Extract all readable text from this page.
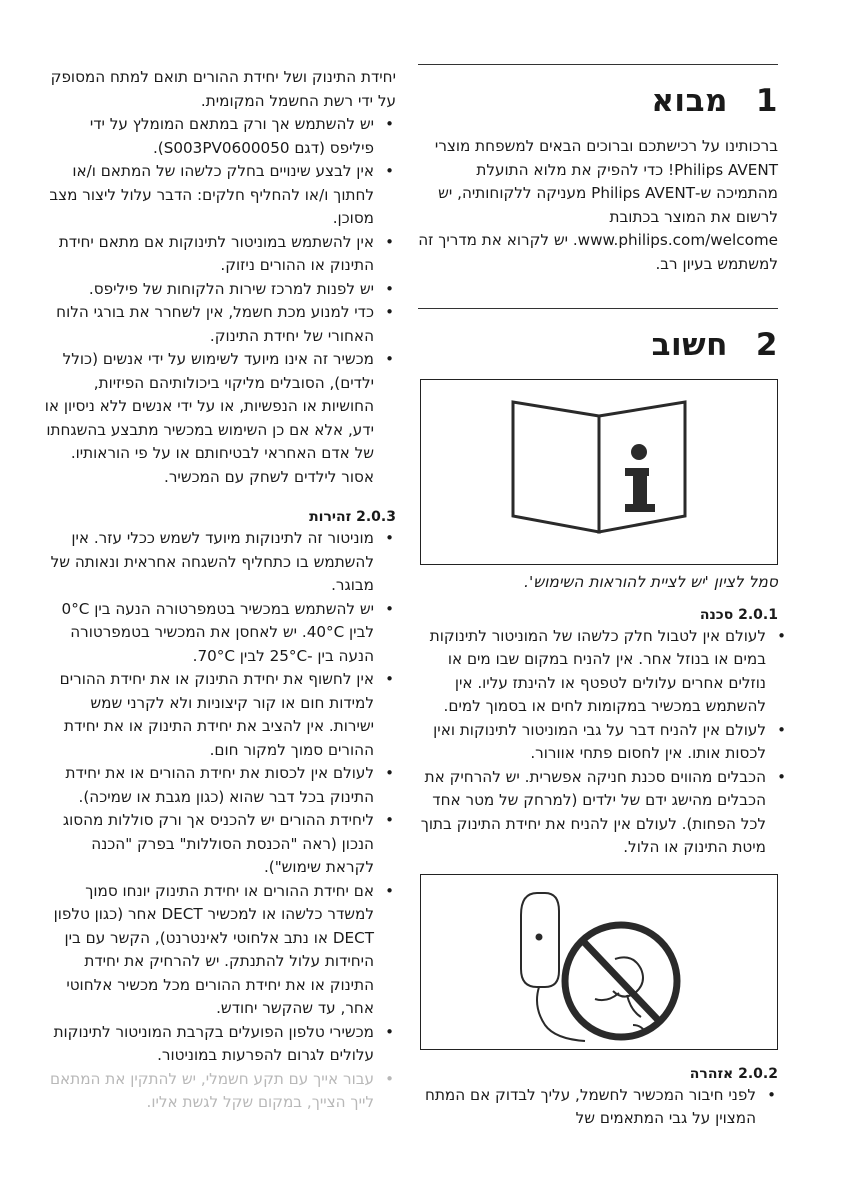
1
מבוא

ברכותינו על רכישתכם וברוכים הבאים למשפחת מוצרי Philips AVENT! כדי להפיק את מלוא התועלת מהתמיכה ש-Philips AVENT מעניקה ללקוחותיה, יש לרשום את המוצר בכתובת www.philips.com/welcome. יש לקרוא את מדריך זה למשתמש בעיון רב.

2
חשוב

סמל לציון 'יש לציית להוראות השימוש'.

2.0.1 סכנה
•
לעולם אין לטבול חלק כלשהו של המוניטור לתינוקות במים או בנוזל אחר. אין להניח במקום שבו מים או נוזלים אחרים עלולים לטפטף או להינתז עליו. אין להשתמש במכשיר במקומות לחים או בסמוך למים.
•
לעולם אין להניח דבר על גבי המוניטור לתינוקות ואין לכסות אותו. אין לחסום פתחי אוורור.
•
הכבלים מהווים סכנת חניקה אפשרית. יש להרחיק את הכבלים מהישג ידם של ילדים (למרחק של מטר אחד לכל הפחות). לעולם אין להניח את יחידת התינוק בתוך מיטת התינוק או הלול.
2.0.2 אזהרה
•
לפני חיבור המכשיר לחשמל, עליך לבדוק אם המתח המצוין על גבי המתאמים של

יחידת התינוק ושל יחידת ההורים תואם למתח המסופק על ידי רשת החשמל המקומית.

•
יש להשתמש אך ורק במתאם המומלץ על ידי פיליפס (דגם S003PV0600050).
•
אין לבצע שינויים בחלק כלשהו של המתאם ו/או לחתוך ו/או להחליף חלקים: הדבר עלול ליצור מצב מסוכן.
•
אין להשתמש במוניטור לתינוקות אם מתאם יחידת התינוק או ההורים ניזוק.
•
יש לפנות למרכז שירות הלקוחות של פיליפס.
•
כדי למנוע מכת חשמל, אין לשחרר את בורגי הלוח האחורי של יחידת התינוק.
•
מכשיר זה אינו מיועד לשימוש על ידי אנשים (כולל ילדים), הסובלים מליקוי ביכולותיהם הפיזיות, החושיות או הנפשיות, או על ידי אנשים ללא ניסיון או ידע, אלא אם כן השימוש במכשיר מתבצע בהשגחתו של אדם האחראי לבטיחותם או על פי הוראותיו. אסור לילדים לשחק עם המכשיר.
2.0.3 זהירות
•
מוניטור זה לתינוקות מיועד לשמש ככלי עזר. אין להשתמש בו כתחליף להשגחה אחראית ונאותה של מבוגר.
•
יש להשתמש במכשיר בטמפרטורה הנעה בין 0°C לבין 40°C. יש לאחסן את המכשיר בטמפרטורה הנעה בין -25°C לבין 70°C.
•
אין לחשוף את יחידת התינוק או את יחידת ההורים למידות חום או קור קיצוניות ולא לקרני שמש ישירות. אין להציב את יחידת התינוק או את יחידת ההורים סמוך למקור חום.
•
לעולם אין לכסות את יחידת ההורים או את יחידת התינוק בכל דבר שהוא (כגון מגבת או שמיכה).
•
ליחידת ההורים יש להכניס אך ורק סוללות מהסוג הנכון (ראה "הכנסת הסוללות" בפרק "הכנה לקראת שימוש").
•
אם יחידת ההורים או יחידת התינוק יונחו סמוך למשדר כלשהו או למכשיר DECT אחר (כגון טלפון DECT או נתב אלחוטי לאינטרנט), הקשר עם בין היחידות עלול להתנתק. יש להרחיק את יחידת התינוק או את יחידת ההורים מכל מכשיר אלחוטי אחר, עד שהקשר יחודש.
•
מכשירי טלפון הפועלים בקרבת המוניטור לתינוקות עלולים לגרום להפרעות במוניטור.
•
עבור אייך עם תקע חשמלי, יש להתקין את המתאם לייך הצייך, במקום שקל לגשת אליו.
